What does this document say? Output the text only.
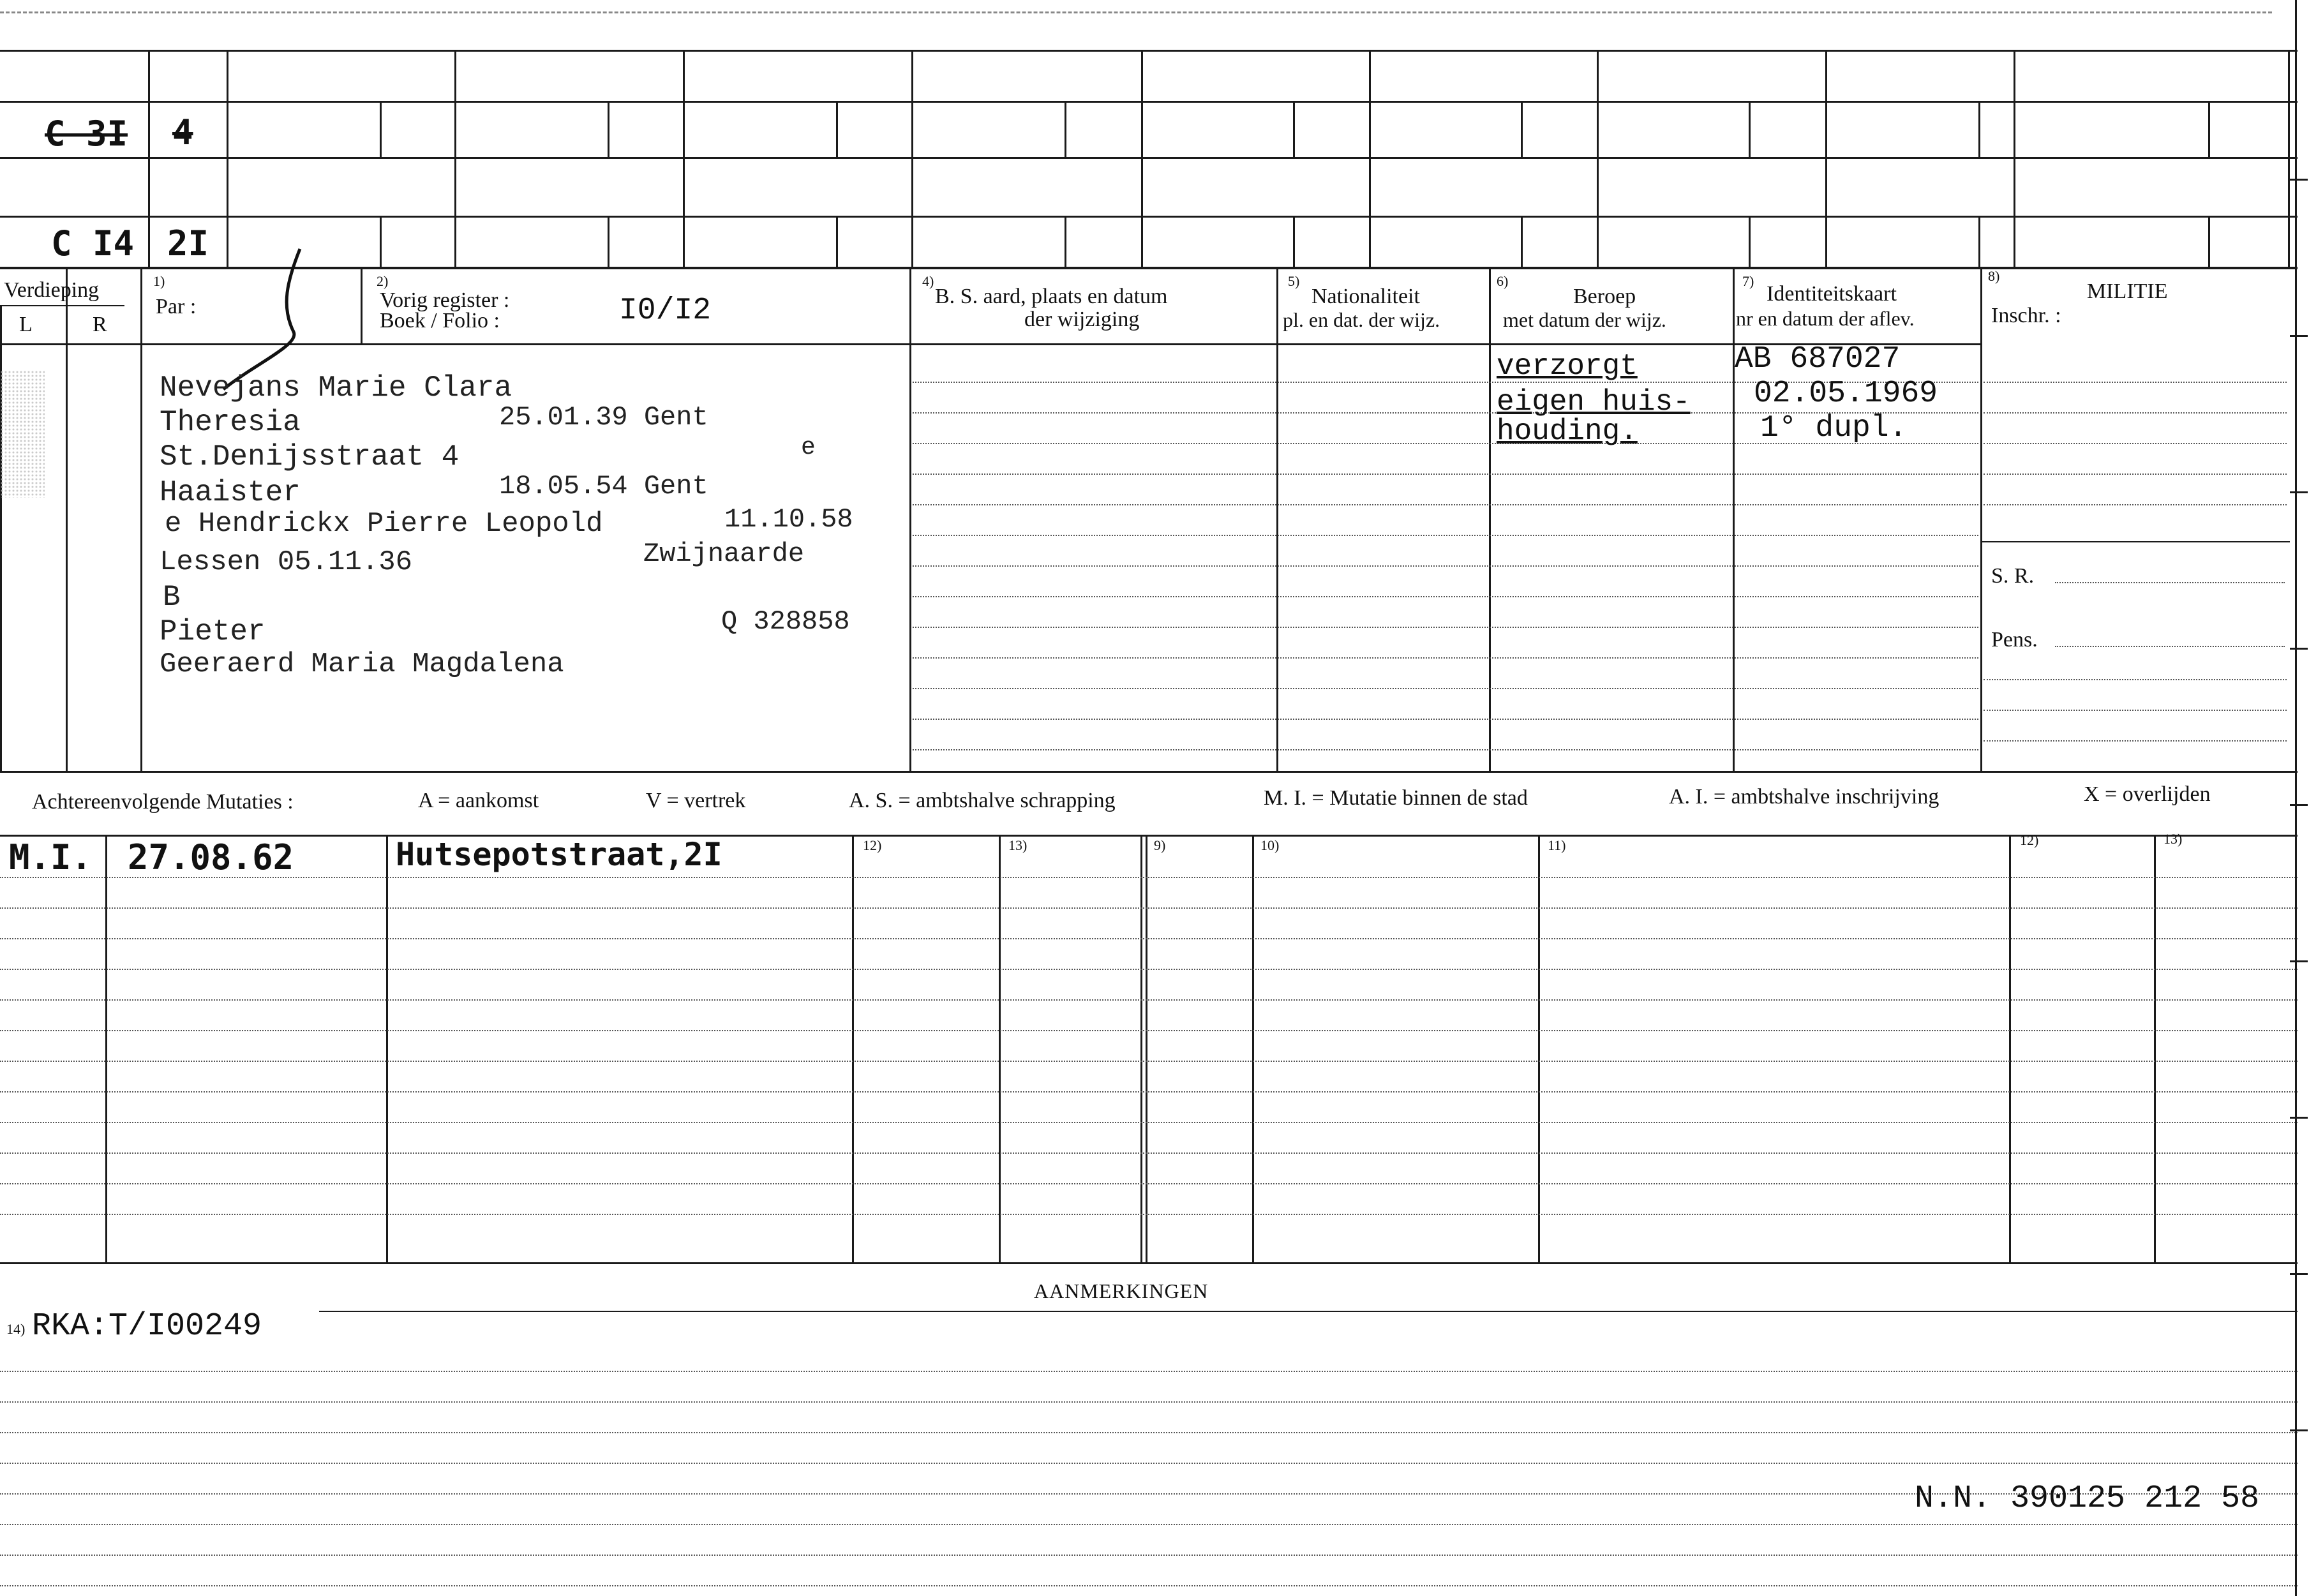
C 3I 4
C I4 2I
Verdieping
L	R
1)
Par :
2)
Vorig register :
Boek / Folio :	I0/I2
4)
B. S. aard, plaats en datum
der wijziging
5)
Nationaliteit
pl. en dat. der wijz.
6)
Beroep
met datum der wijz.
7)
Identiteitskaart
nr en datum der aflev.
8)
MILITIE
Inschr. :
Nevejans Marie Clara
Theresia	25.01.39 Gent
St.Denijsstraat 4	e
Haaister	18.05.54 Gent
e Hendrickx Pierre Leopold	11.10.58
Lessen 05.11.36	Zwijnaarde
B
Pieter	Q 328858
Geeraerd Maria Magdalena
verzorgt
eigen huis-
houding.
AB 687027
02.05.1969
1° dupl.
S. R.
Pens.
Achtereenvolgende Mutaties :	A = aankomst	V = vertrek	A. S. = ambtshalve schrapping	M. I. = Mutatie binnen de stad	A. I. = ambtshalve inschrijving	X = overlijden
M.I. 27.08.62	Hutsepotstraat,2I	12)	13)	9)	10)	11)	12)	13)
AANMERKINGEN
14) RKA:T/I00249
N.N. 390125 212 58
